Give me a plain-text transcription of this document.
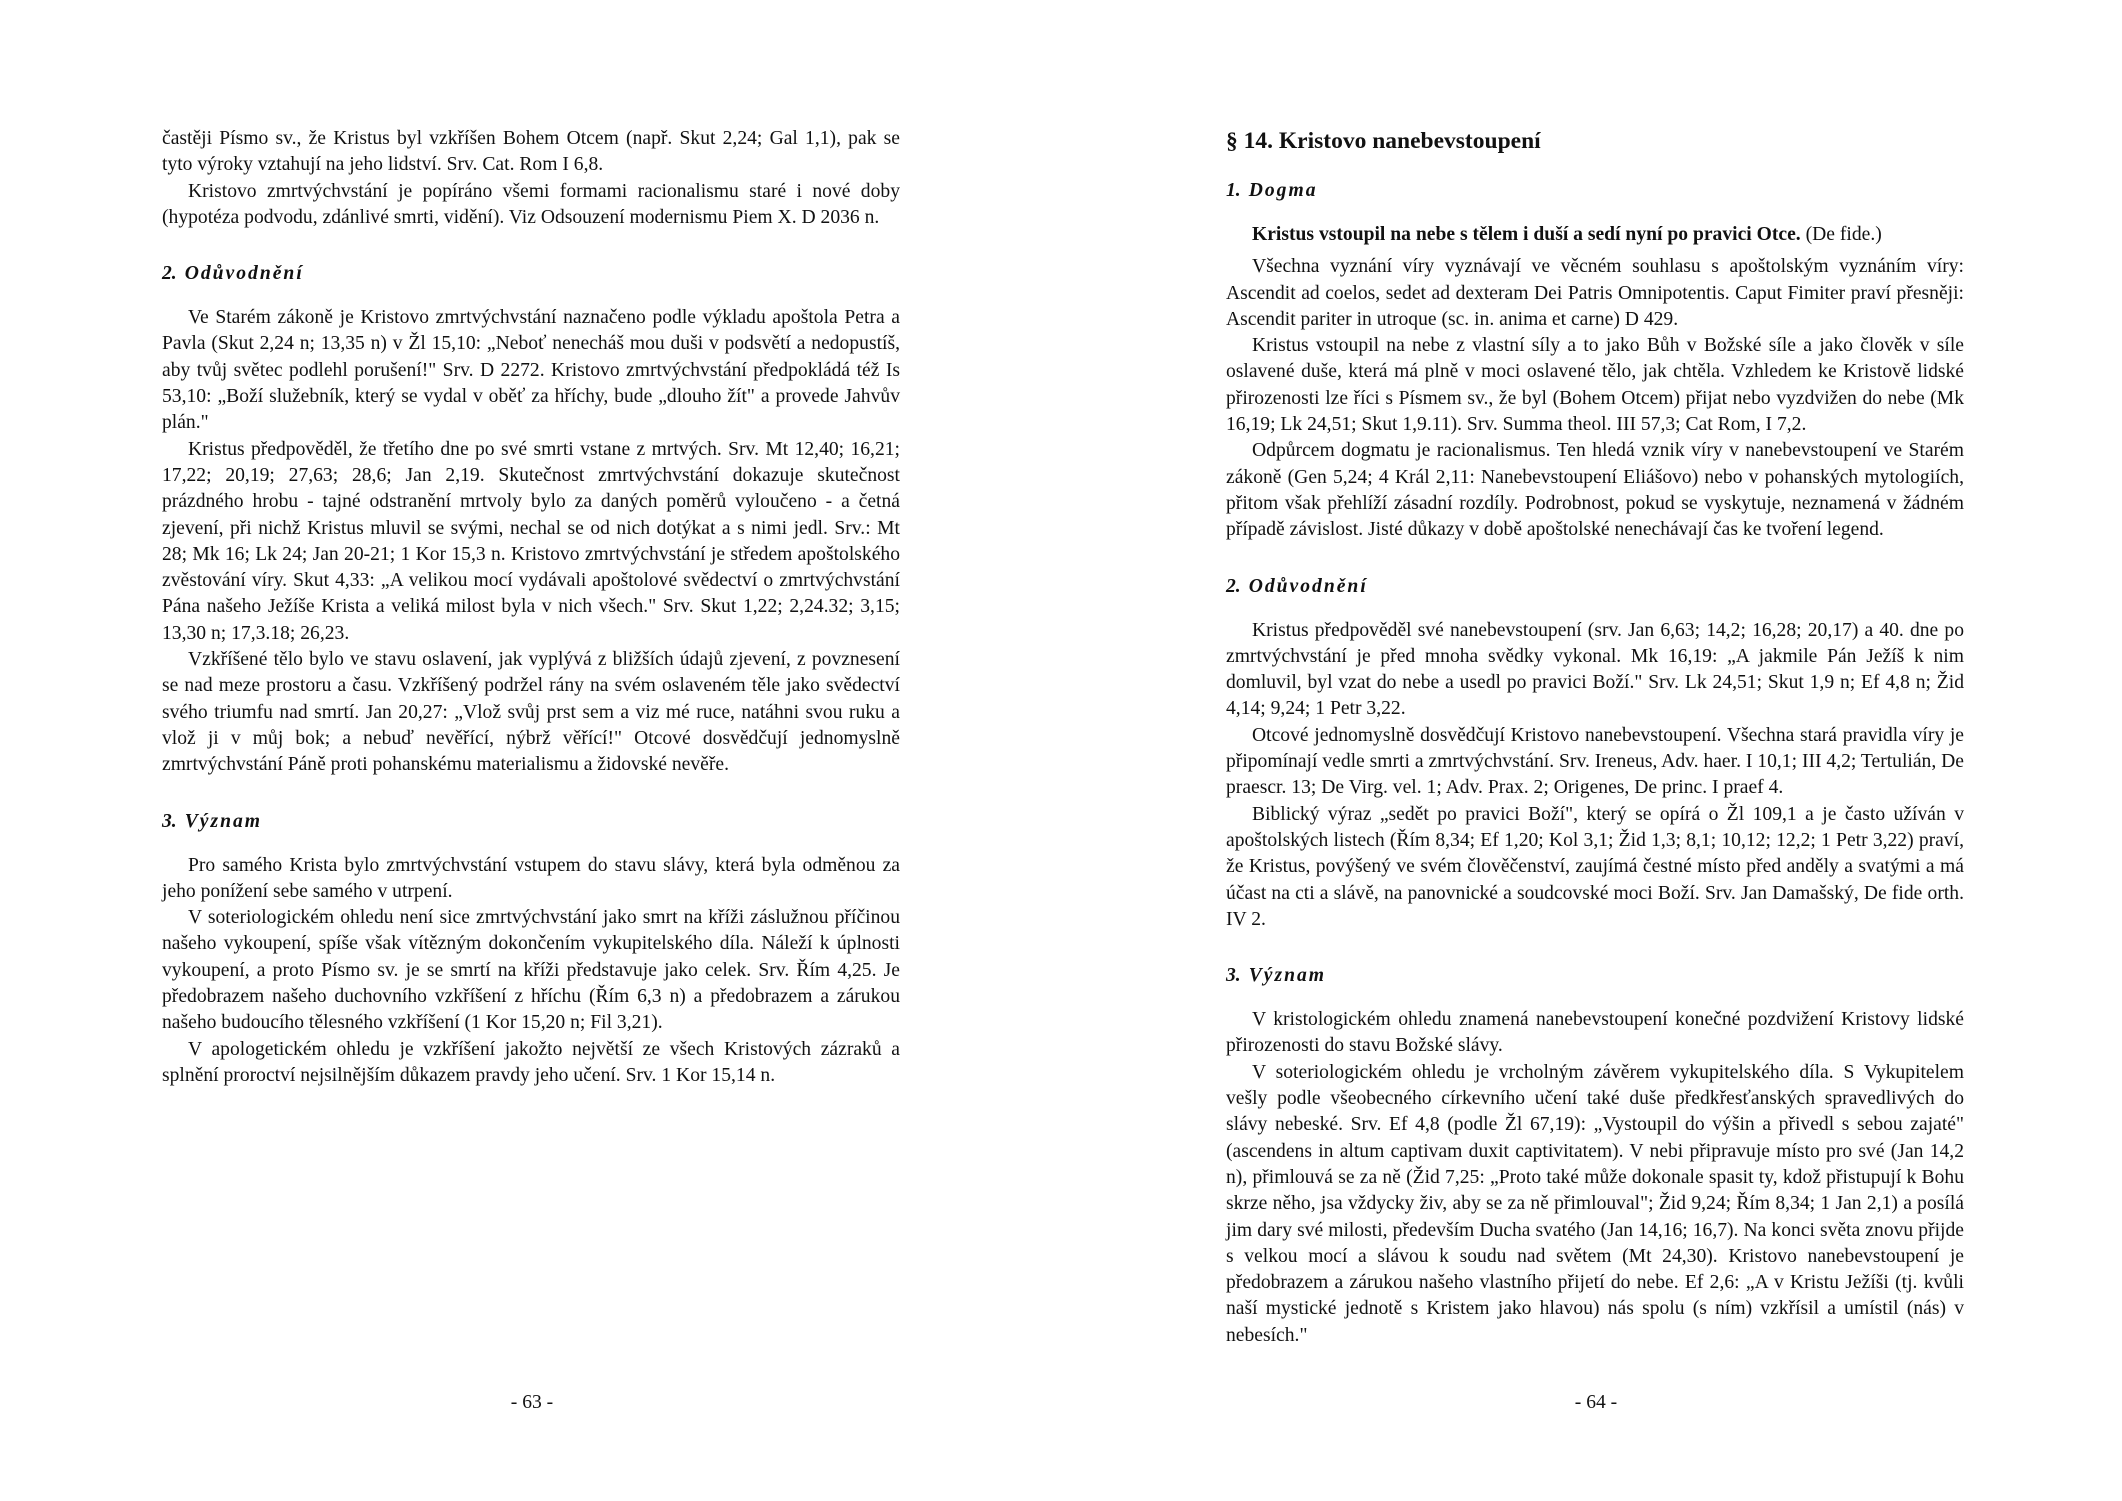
častěji Písmo sv., že Kristus byl vzkříšen Bohem Otcem (např. Skut 2,24; Gal 1,1), pak se tyto výroky vztahují na jeho lidství. Srv. Cat. Rom I 6,8.

Kristovo zmrtvýchvstání je popíráno všemi formami racionalismu staré i nové doby (hypotéza podvodu, zdánlivé smrti, vidění). Viz Odsouzení modernismu Piem X. D 2036 n.

2. Odůvodnění

Ve Starém zákoně je Kristovo zmrtvýchvstání naznačeno podle výkladu apoštola Petra a Pavla (Skut 2,24 n; 13,35 n) v Žl 15,10: „Neboť nenecháš mou duši v podsvětí a nedopustíš, aby tvůj světec podlehl porušení!" Srv. D 2272. Kristovo zmrtvýchvstání předpokládá též Is 53,10: „Boží služebník, který se vydal v oběť za hříchy, bude „dlouho žít" a provede Jahvův plán."

Kristus předpověděl, že třetího dne po své smrti vstane z mrtvých. Srv. Mt 12,40; 16,21; 17,22; 20,19; 27,63; 28,6; Jan 2,19. Skutečnost zmrtvýchvstání dokazuje skutečnost prázdného hrobu - tajné odstranění mrtvoly bylo za daných poměrů vyloučeno - a četná zjevení, při nichž Kristus mluvil se svými, nechal se od nich dotýkat a s nimi jedl. Srv.: Mt 28; Mk 16; Lk 24; Jan 20-21; 1 Kor 15,3 n. Kristovo zmrtvýchvstání je středem apoštolského zvěstování víry. Skut 4,33: „A velikou mocí vydávali apoštolové svědectví o zmrtvýchvstání Pána našeho Ježíše Krista a veliká milost byla v nich všech." Srv. Skut 1,22; 2,24.32; 3,15; 13,30 n; 17,3.18; 26,23.

Vzkříšené tělo bylo ve stavu oslavení, jak vyplývá z bližších údajů zjevení, z povznesení se nad meze prostoru a času. Vzkříšený podržel rány na svém oslaveném těle jako svědectví svého triumfu nad smrtí. Jan 20,27: „Vlož svůj prst sem a viz mé ruce, natáhni svou ruku a vlož ji v můj bok; a nebuď nevěřící, nýbrž věřící!" Otcové dosvědčují jednomyslně zmrtvýchvstání Páně proti pohanskému materialismu a židovské nevěře.

3. Význam

Pro samého Krista bylo zmrtvýchvstání vstupem do stavu slávy, která byla odměnou za jeho ponížení sebe samého v utrpení.

V soteriologickém ohledu není sice zmrtvýchvstání jako smrt na kříži záslužnou příčinou našeho vykoupení, spíše však vítězným dokončením vykupitelského díla. Náleží k úplnosti vykoupení, a proto Písmo sv. je se smrtí na kříži představuje jako celek. Srv. Řím 4,25. Je předobrazem našeho duchovního vzkříšení z hříchu (Řím 6,3 n) a předobrazem a zárukou našeho budoucího tělesného vzkříšení (1 Kor 15,20 n; Fil 3,21).

V apologetickém ohledu je vzkříšení jakožto největší ze všech Kristových zázraků a splnění proroctví nejsilnějším důkazem pravdy jeho učení. Srv. 1 Kor 15,14 n.

- 63 -
§ 14. Kristovo nanebevstoupení
1. Dogma

Kristus vstoupil na nebe s tělem i duší a sedí nyní po pravici Otce. (De fide.)

Všechna vyznání víry vyznávají ve věcném souhlasu s apoštolským vyznáním víry: Ascendit ad coelos, sedet ad dexteram Dei Patris Omnipotentis. Caput Fimiter praví přesněji: Ascendit pariter in utroque (sc. in. anima et carne) D 429.

Kristus vstoupil na nebe z vlastní síly a to jako Bůh v Božské síle a jako člověk v síle oslavené duše, která má plně v moci oslavené tělo, jak chtěla. Vzhledem ke Kristově lidské přirozenosti lze říci s Písmem sv., že byl (Bohem Otcem) přijat nebo vyzdvižen do nebe (Mk 16,19; Lk 24,51; Skut 1,9.11). Srv. Summa theol. III 57,3; Cat Rom, I 7,2.

Odpůrcem dogmatu je racionalismus. Ten hledá vznik víry v nanebevstoupení ve Starém zákoně (Gen 5,24; 4 Král 2,11: Nanebevstoupení Eliášovo) nebo v pohanských mytologiích, přitom však přehlíží zásadní rozdíly. Podrobnost, pokud se vyskytuje, neznamená v žádném případě závislost. Jisté důkazy v době apoštolské nenechávají čas ke tvoření legend.

2. Odůvodnění

Kristus předpověděl své nanebevstoupení (srv. Jan 6,63; 14,2; 16,28; 20,17) a 40. dne po zmrtvýchvstání je před mnoha svědky vykonal. Mk 16,19: „A jakmile Pán Ježíš k nim domluvil, byl vzat do nebe a usedl po pravici Boží." Srv. Lk 24,51; Skut 1,9 n; Ef 4,8 n; Žid 4,14; 9,24; 1 Petr 3,22.

Otcové jednomyslně dosvědčují Kristovo nanebevstoupení. Všechna stará pravidla víry je připomínají vedle smrti a zmrtvýchvstání. Srv. Ireneus, Adv. haer. I 10,1; III 4,2; Tertulián, De praescr. 13; De Virg. vel. 1; Adv. Prax. 2; Origenes, De princ. I praef 4.

Biblický výraz „sedět po pravici Boží", který se opírá o Žl 109,1 a je často užíván v apoštolských listech (Řím 8,34; Ef 1,20; Kol 3,1; Žid 1,3; 8,1; 10,12; 12,2; 1 Petr 3,22) praví, že Kristus, povýšený ve svém člověčenství, zaujímá čestné místo před anděly a svatými a má účast na cti a slávě, na panovnické a soudcovské moci Boží. Srv. Jan Damašský, De fide orth. IV 2.

3. Význam

V kristologickém ohledu znamená nanebevstoupení konečné pozdvižení Kristovy lidské přirozenosti do stavu Božské slávy.

V soteriologickém ohledu je vrcholným závěrem vykupitelského díla. S Vykupitelem vešly podle všeobecného církevního učení také duše předkřesťanských spravedlivých do slávy nebeské. Srv. Ef 4,8 (podle Žl 67,19): „Vystoupil do výšin a přivedl s sebou zajaté" (ascendens in altum captivam duxit captivitatem). V nebi připravuje místo pro své (Jan 14,2 n), přimlouvá se za ně (Žid 7,25: „Proto také může dokonale spasit ty, kdož přistupují k Bohu skrze něho, jsa vždycky živ, aby se za ně přimlouval"; Žid 9,24; Řím 8,34; 1 Jan 2,1) a posílá jim dary své milosti, především Ducha svatého (Jan 14,16; 16,7). Na konci světa znovu přijde s velkou mocí a slávou k soudu nad světem (Mt 24,30). Kristovo nanebevstoupení je předobrazem a zárukou našeho vlastního přijetí do nebe. Ef 2,6: „A v Kristu Ježíši (tj. kvůli naší mystické jednotě s Kristem jako hlavou) nás spolu (s ním) vzkřísil a umístil (nás) v nebesích."

- 64 -
